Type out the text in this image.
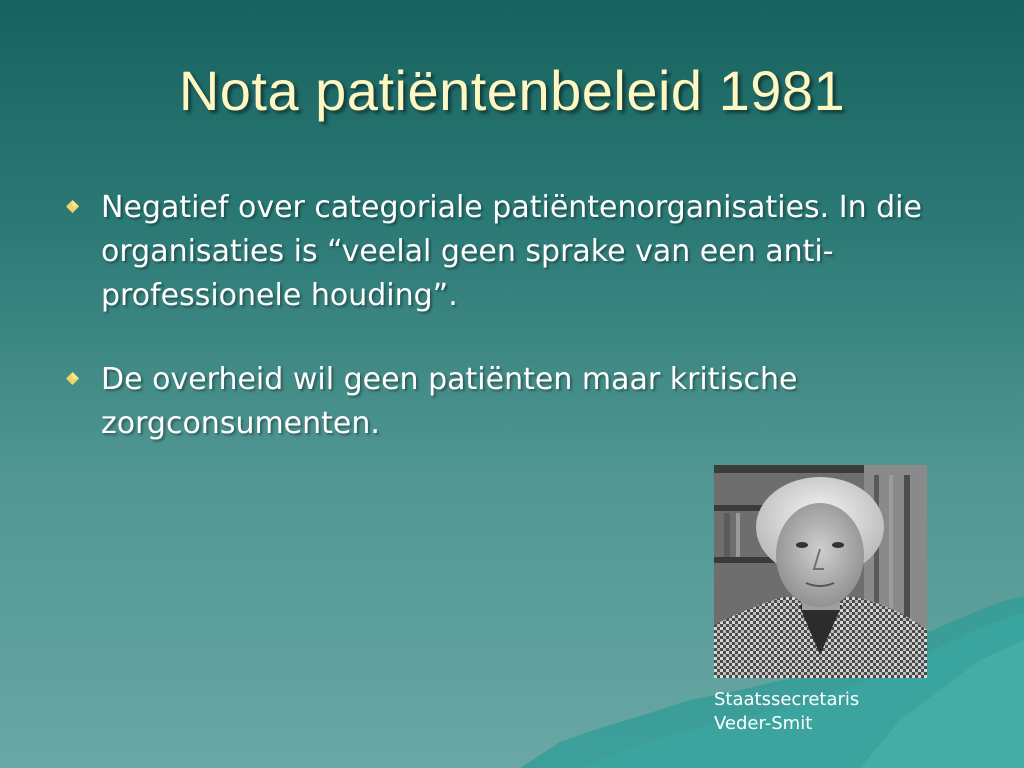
Nota patiëntenbeleid 1981
Negatief over categoriale patiëntenorganisaties. In die organisaties is “veelal geen sprake van een anti-professionele houding”.
De overheid wil geen patiënten maar kritische zorgconsumenten.
Staatssecretaris
Veder-Smit
